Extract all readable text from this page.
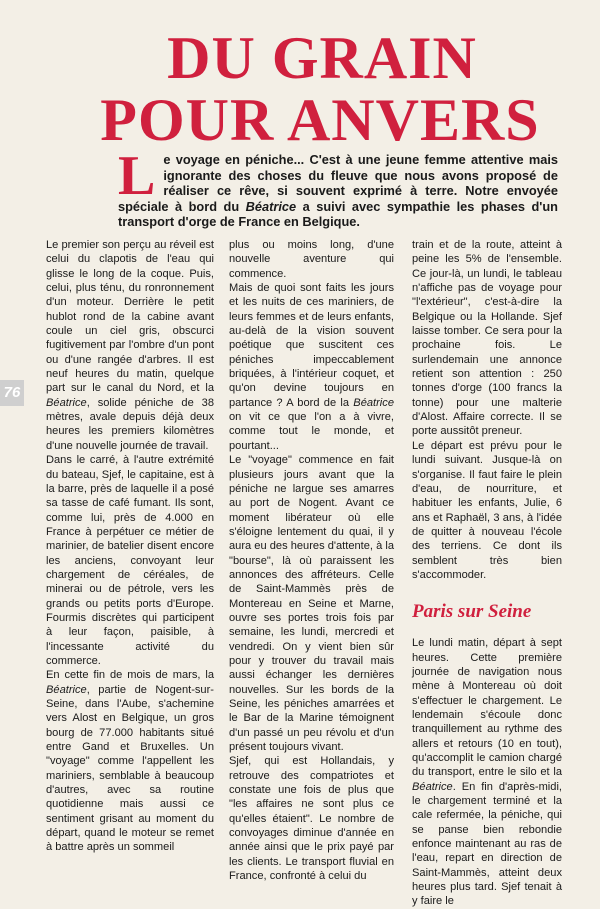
DU GRAIN
POUR ANVERS

Le voyage en péniche... C'est à une jeune femme attentive mais ignorante des choses du fleuve que nous avons proposé de réaliser ce rêve, si souvent exprimé à terre. Notre envoyée spéciale à bord du Béatrice a suivi avec sympathie les phases d'un transport d'orge de France en Belgique.

76

Le premier son perçu au réveil est celui du clapotis de l'eau qui glisse le long de la coque. Puis, celui, plus ténu, du ronronnement d'un moteur. Derrière le petit hublot rond de la cabine avant coule un ciel gris, obscurci fugitivement par l'ombre d'un pont ou d'une rangée d'arbres. Il est neuf heures du matin, quelque part sur le canal du Nord, et la Béatrice, solide péniche de 38 mètres, avale depuis déjà deux heures les premiers kilomètres d'une nouvelle journée de travail.

Dans le carré, à l'autre extrémité du bateau, Sjef, le capitaine, est à la barre, près de laquelle il a posé sa tasse de café fumant. Ils sont, comme lui, près de 4.000 en France à perpétuer ce métier de marinier, de batelier disent encore les anciens, convoyant leur chargement de céréales, de minerai ou de pétrole, vers les grands ou petits ports d'Europe. Fourmis discrètes qui participent à leur façon, paisible, à l'incessante activité du commerce.

En cette fin de mois de mars, la Béatrice, partie de Nogent-sur-Seine, dans l'Aube, s'achemine vers Alost en Belgique, un gros bourg de 77.000 habitants situé entre Gand et Bruxelles. Un "voyage" comme l'appellent les mariniers, semblable à beaucoup d'autres, avec sa routine quotidienne mais aussi ce sentiment grisant au moment du départ, quand le moteur se remet à battre après un sommeil

plus ou moins long, d'une nouvelle aventure qui commence.

Mais de quoi sont faits les jours et les nuits de ces mariniers, de leurs femmes et de leurs enfants, au-delà de la vision souvent poétique que suscitent ces péniches impeccablement briquées, à l'intérieur coquet, et qu'on devine toujours en partance ? A bord de la Béatrice on vit ce que l'on a à vivre, comme tout le monde, et pourtant...

Le "voyage" commence en fait plusieurs jours avant que la péniche ne largue ses amarres au port de Nogent. Avant ce moment libérateur où elle s'éloigne lentement du quai, il y aura eu des heures d'attente, à la "bourse", là où paraissent les annonces des affréteurs. Celle de Saint-Mammès près de Montereau en Seine et Marne, ouvre ses portes trois fois par semaine, les lundi, mercredi et vendredi. On y vient bien sûr pour y trouver du travail mais aussi échanger les dernières nouvelles. Sur les bords de la Seine, les péniches amarrées et le Bar de la Marine témoignent d'un passé un peu révolu et d'un présent toujours vivant.

Sjef, qui est Hollandais, y retrouve des compatriotes et constate une fois de plus que "les affaires ne sont plus ce qu'elles étaient". Le nombre de convoyages diminue d'année en année ainsi que le prix payé par les clients. Le transport fluvial en France, confronté à celui du

train et de la route, atteint à peine les 5% de l'ensemble. Ce jour-là, un lundi, le tableau n'affiche pas de voyage pour "l'extérieur", c'est-à-dire la Belgique ou la Hollande. Sjef laisse tomber. Ce sera pour la prochaine fois. Le surlendemain une annonce retient son attention : 250 tonnes d'orge (100 francs la tonne) pour une malterie d'Alost. Affaire correcte. Il se porte aussitôt preneur.

Le départ est prévu pour le lundi suivant. Jusque-là on s'organise. Il faut faire le plein d'eau, de nourriture, et habituer les enfants, Julie, 6 ans et Raphaël, 3 ans, à l'idée de quitter à nouveau l'école des terriens. Ce dont ils semblent très bien s'accommoder.

Paris sur Seine

Le lundi matin, départ à sept heures. Cette première journée de navigation nous mène à Montereau où doit s'effectuer le chargement. Le lendemain s'écoule donc tranquillement au rythme des allers et retours (10 en tout), qu'accomplit le camion chargé du transport, entre le silo et la Béatrice. En fin d'après-midi, le chargement terminé et la cale refermée, la péniche, qui se panse bien rebondie enfonce maintenant au ras de l'eau, repart en direction de Saint-Mammès, atteint deux heures plus tard. Sjef tenait à y faire le
